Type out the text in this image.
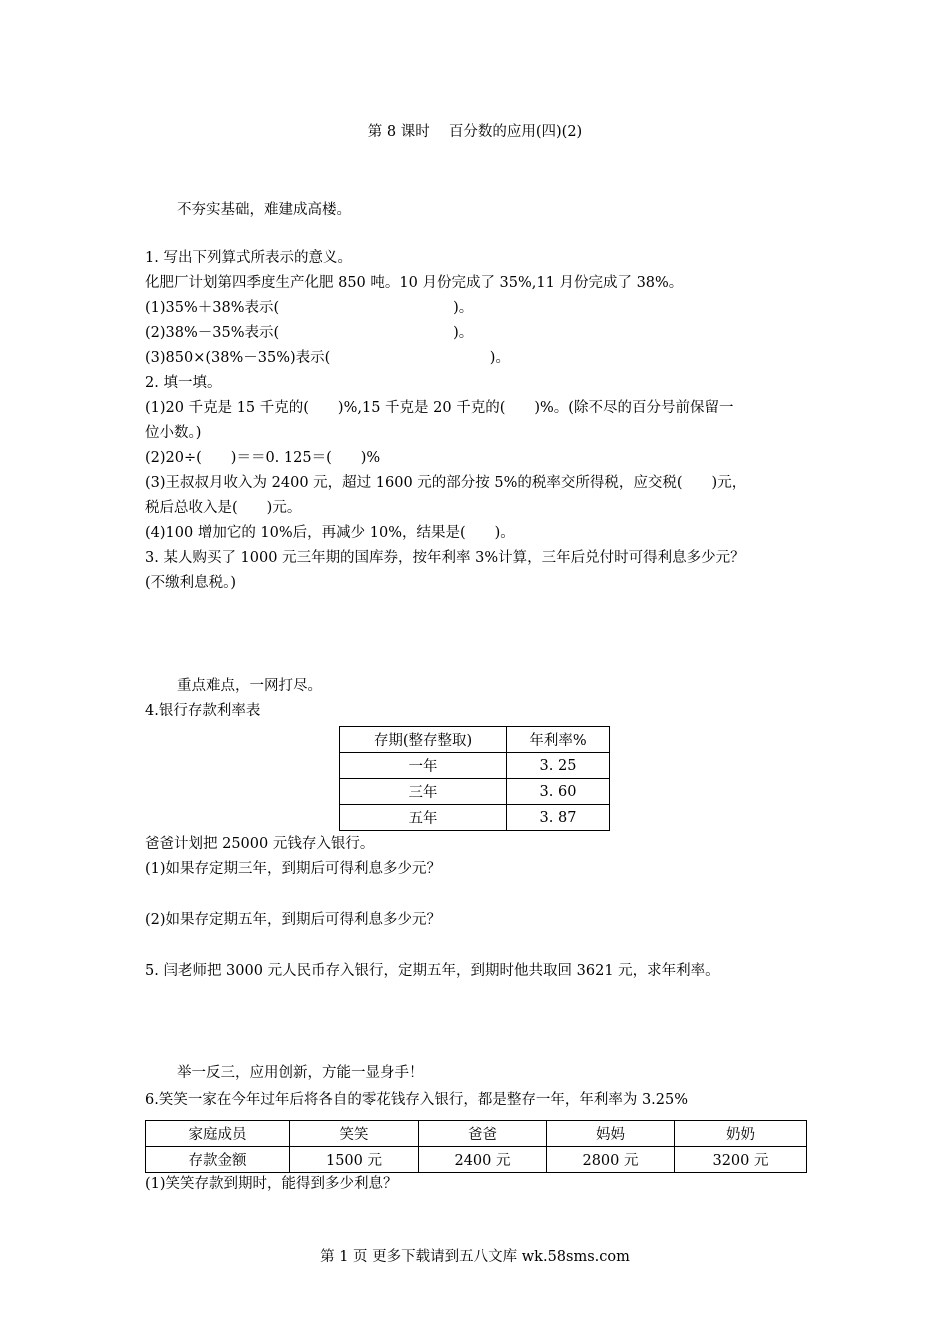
第 8 课时　 百分数的应用(四)(2)
不夯实基础，难建成高楼。
1. 写出下列算式所表示的意义。
化肥厂计划第四季度生产化肥 850 吨。10 月份完成了 35%,11 月份完成了 38%。
(1)35%＋38%表示(　　　　　　　　　　　　)。
(2)38%－35%表示(　　　　　　　　　　　　)。
(3)850×(38%－35%)表示(　　　　　　　　　　　)。
2. 填一填。
(1)20 千克是 15 千克的(　　)%,15 千克是 20 千克的(　　)%。(除不尽的百分号前保留一
位小数。)
(2)20÷(　　)＝＝0. 125＝(　　)%
(3)王叔叔月收入为 2400 元，超过 1600 元的部分按 5%的税率交所得税，应交税(　　)元，
税后总收入是(　　)元。
(4)100 增加它的 10%后，再减少 10%，结果是(　　)。
3. 某人购买了 1000 元三年期的国库券，按年利率 3%计算，三年后兑付时可得利息多少元？
(不缴利息税。)
重点难点，一网打尽。
4.银行存款利率表
存期(整存整取)	年利率%
一年	3. 25
三年	3. 60
五年	3. 87
爸爸计划把 25000 元钱存入银行。
(1)如果存定期三年，到期后可得利息多少元？
(2)如果存定期五年，到期后可得利息多少元？
5. 闫老师把 3000 元人民币存入银行，定期五年，到期时他共取回 3621 元，求年利率。
举一反三，应用创新，方能一显身手！
6.笑笑一家在今年过年后将各自的零花钱存入银行，都是整存一年，年利率为 3.25%
家庭成员	笑笑	爸爸	妈妈	奶奶
存款金额	1500 元	2400 元	2800 元	3200 元
(1)笑笑存款到期时，能得到多少利息？
第 1 页 更多下载请到五八文库 wk.58sms.com
